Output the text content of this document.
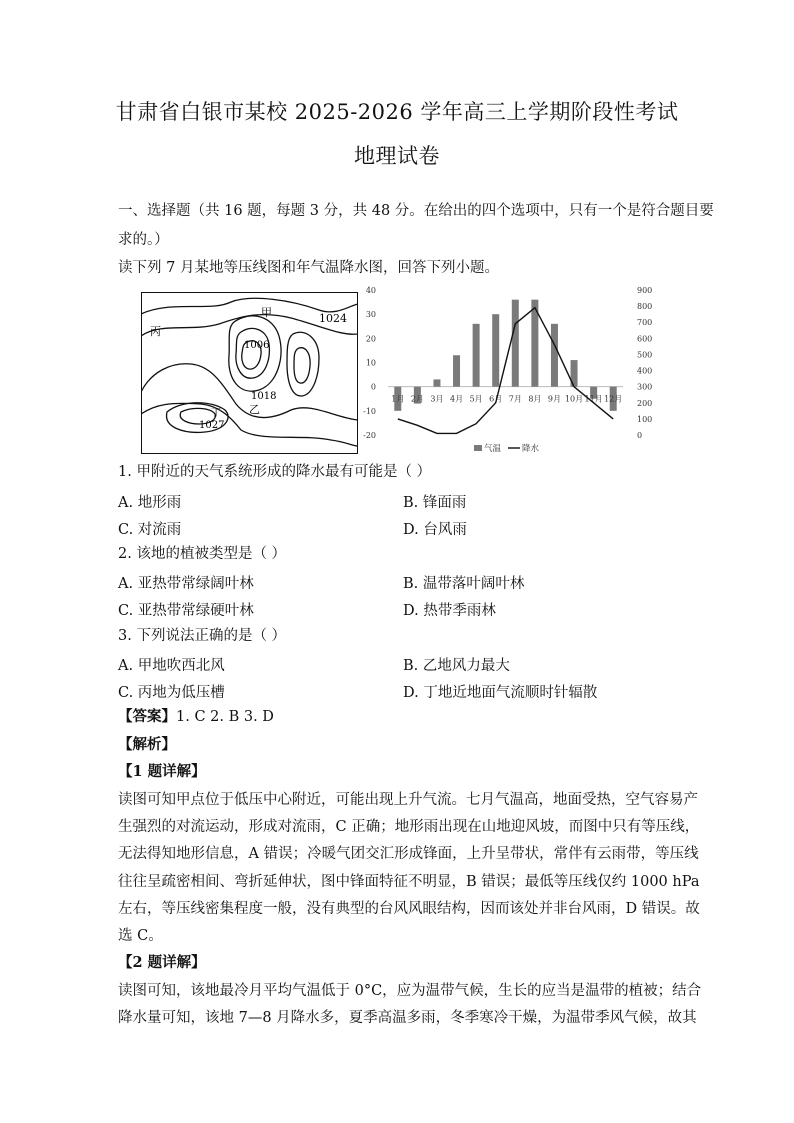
甘肃省白银市某校 2025-2026 学年高三上学期阶段性考试
地理试卷
一、选择题（共 16 题，每题 3 分，共 48 分。在给出的四个选项中，只有一个是符合题目要
求的。）
读下列 7 月某地等压线图和年气温降水图，回答下列小题。
丙
甲	1024
1006
1018
乙
丁
1027
40
30
20
10
0
-10
-20
900
800
700
600
500
400
300
200
100
0
1月 2月 3月 4月 5月 6月 7月 8月 9月 10月 11月 12月
气温 降水
1. 甲附近的天气系统形成的降水最有可能是（ ）
A. 地形雨	B. 锋面雨
C. 对流雨	D. 台风雨
2. 该地的植被类型是（ ）
A. 亚热带常绿阔叶林	B. 温带落叶阔叶林
C. 亚热带常绿硬叶林	D. 热带季雨林
3. 下列说法正确的是（ ）
A. 甲地吹西北风	B. 乙地风力最大
C. 丙地为低压槽	D. 丁地近地面气流顺时针辐散
【答案】1. C 2. B 3. D
【解析】
【1 题详解】
读图可知甲点位于低压中心附近，可能出现上升气流。七月气温高，地面受热，空气容易产
生强烈的对流运动，形成对流雨，C 正确；地形雨出现在山地迎风坡，而图中只有等压线，
无法得知地形信息，A 错误；冷暖气团交汇形成锋面，上升呈带状，常伴有云雨带，等压线
往往呈疏密相间、弯折延伸状，图中锋面特征不明显，B 错误；最低等压线仅约 1000 hPa
左右，等压线密集程度一般，没有典型的台风风眼结构，因而该处并非台风雨，D 错误。故
选 C。
【2 题详解】
读图可知，该地最冷月平均气温低于 0°C，应为温带气候，生长的应当是温带的植被；结合
降水量可知，该地 7—8 月降水多，夏季高温多雨，冬季寒冷干燥，为温带季风气候，故其
